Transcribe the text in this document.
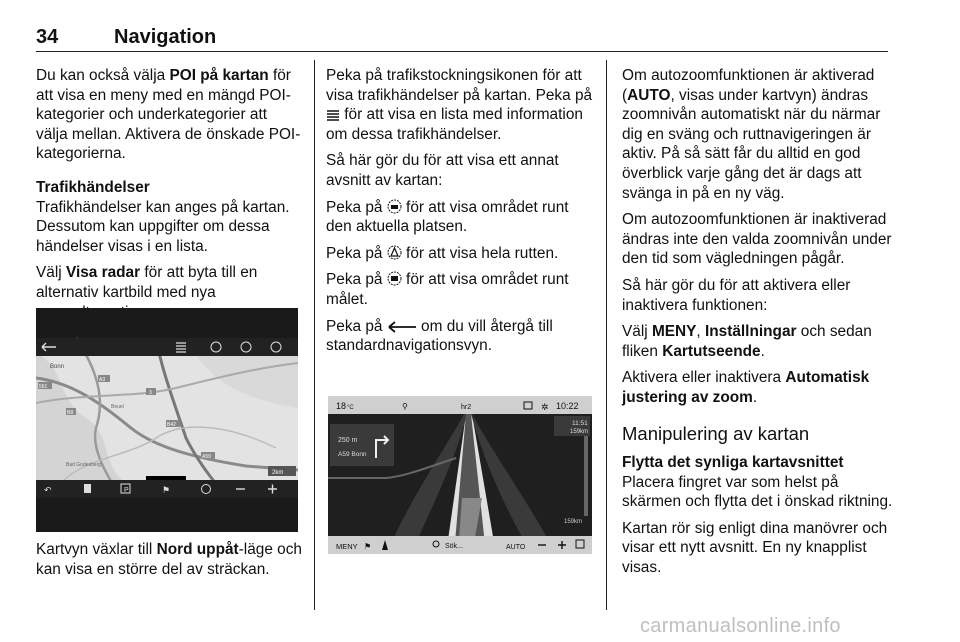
34	Navigation

Du kan också välja POI på kartan för att visa en meny med en mängd POI-kategorier och underkategorier att välja mellan. Aktivera de önskade POI-kategorierna.

Trafikhändelser

Trafikhändelser kan anges på kartan. Dessutom kan uppgifter om dessa händelser visas i en lista.

Välj Visa radar för att byta till en alternativ kartbild med nya

Bonn
561
A3
3
A59
B8
B42
Beuel
Bad Godesberg
2km
↶	P	⚑

Kartvyn växlar till Nord uppåt-läge och kan visa en större del av sträckan.

Peka på trafikstockningsikonen för att visa trafikhändelser på kartan. Peka på  för att visa en lista med information om dessa trafikhändelser.

Så här gör du för att visa ett annat avsnitt av kartan:

Peka på  för att visa området runt den aktuella platsen.

Peka på  för att visa hela rutten.

Peka på  för att visa området runt målet.

Peka på  om du vill återgå till standardnavigationsvyn.

18 °C	⚲	hr2	✲ 10:22
250 m
A59 Bonn
11:51
159km
159km
MENY ⚑	Sök...	AUTO

Om autozoomfunktionen är aktiverad (AUTO, visas under kartvyn) ändras zoomnivån automatiskt när du närmar dig en sväng och ruttnavigeringen är aktiv. På så sätt får du alltid en god överblick varje gång det är dags att svänga in på en ny väg.

Om autozoomfunktionen är inaktiverad ändras inte den valda zoomnivån under den tid som vägledningen pågår.

Så här gör du för att aktivera eller inaktivera funktionen:

Välj MENY, Inställningar och sedan fliken Kartutseende.

Aktivera eller inaktivera Automatisk justering av zoom.

Manipulering av kartan
Flytta det synliga kartavsnittet

Placera fingret var som helst på skärmen och flytta det i önskad riktning.

Kartan rör sig enligt dina manövrer och visar ett nytt avsnitt. En ny knapplist visas.

carmanualsonline.info
